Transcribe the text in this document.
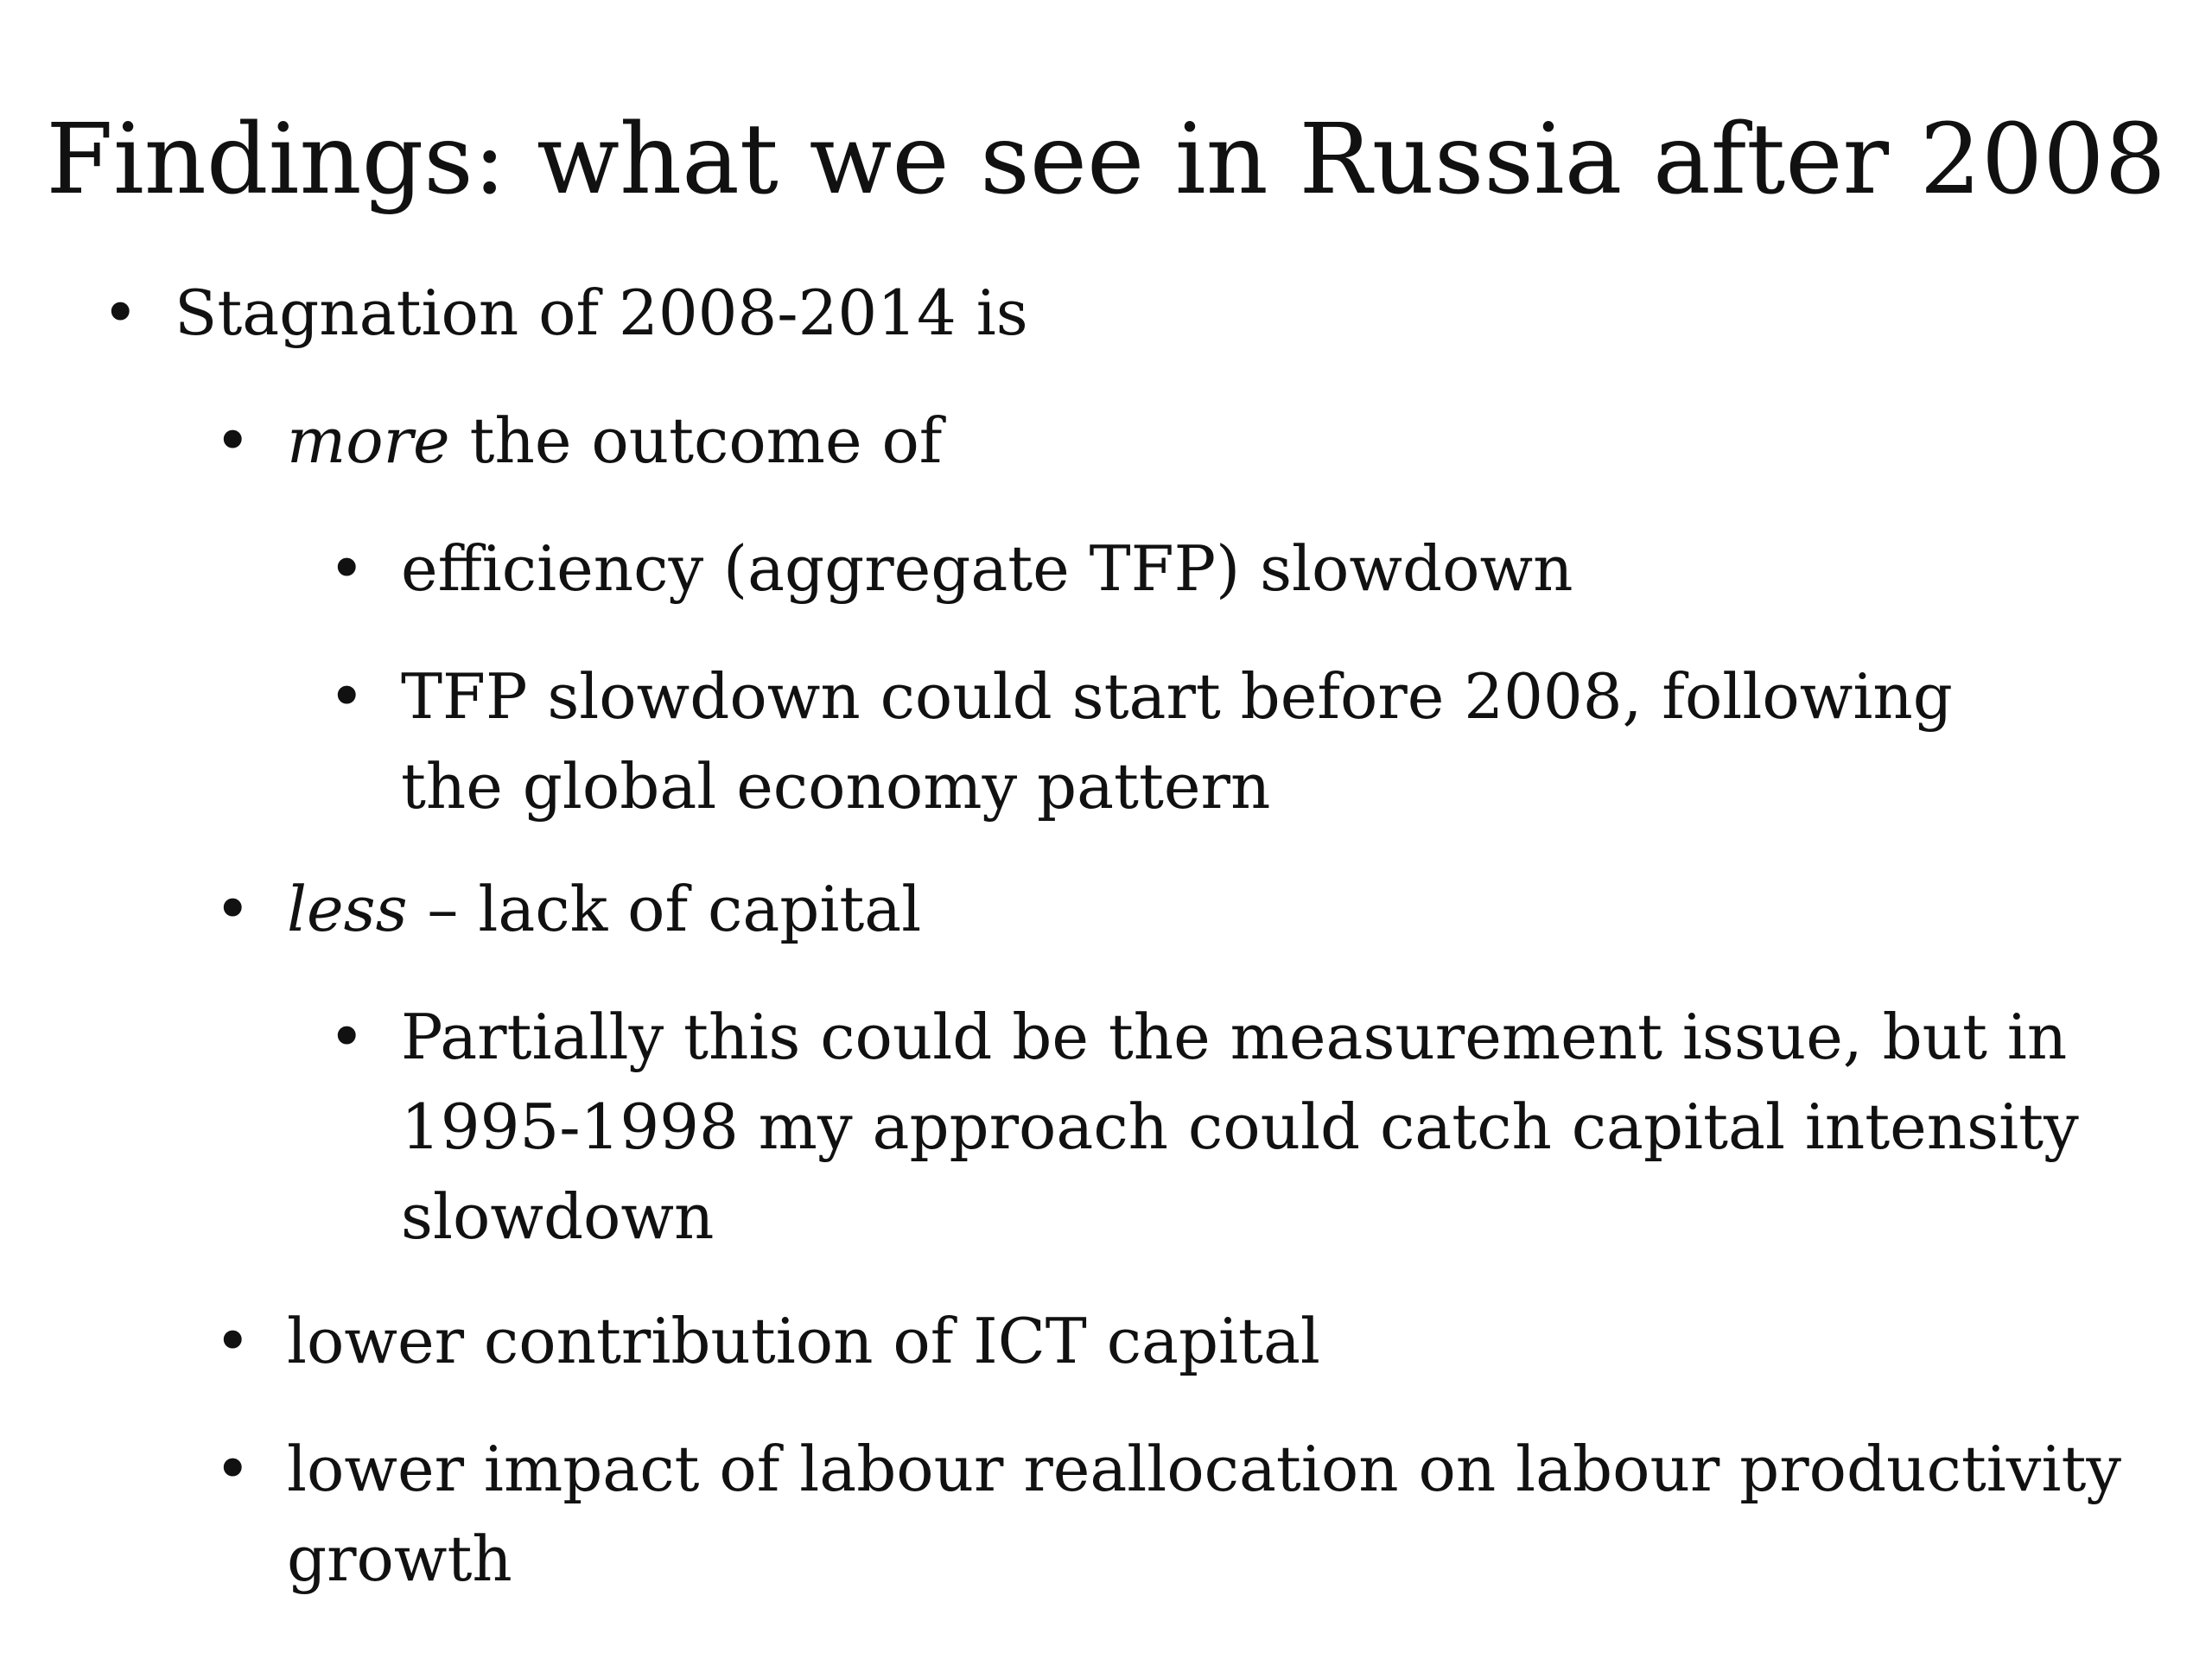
Findings: what we see in Russia after 2008
• Stagnation of 2008-2014 is
• more the outcome of
• efficiency (aggregate TFP) slowdown
• TFP slowdown could start before 2008, following the global economy pattern
• less – lack of capital
• Partially this could be the measurement issue, but in 1995-1998 my approach could catch capital intensity slowdown
• lower contribution of ICT capital
• lower impact of labour reallocation on labour productivity growth
